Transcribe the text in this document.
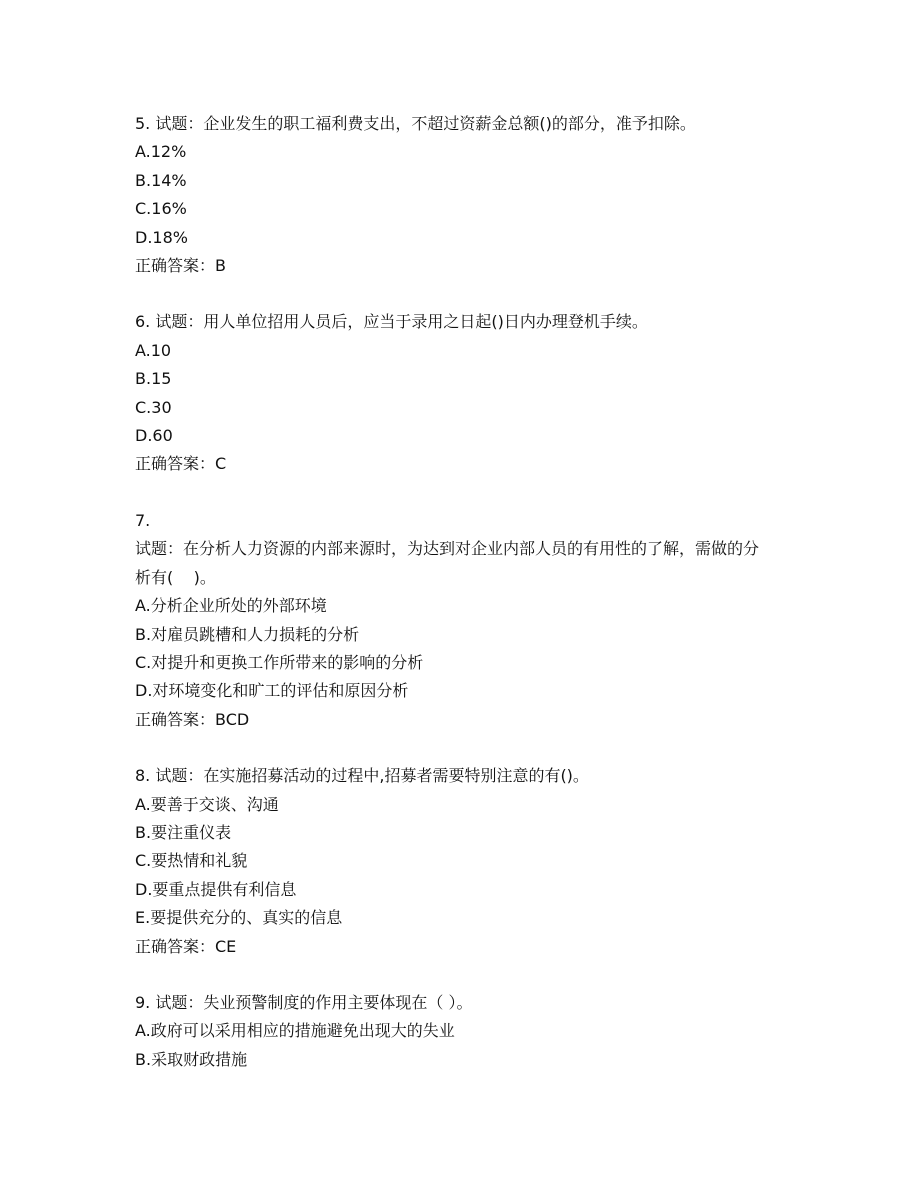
5. 试题：企业发生的职工福利费支出，不超过资薪金总额()的部分，准予扣除。
A.12%
B.14%
C.16%
D.18%
正确答案：B
6. 试题：用人单位招用人员后，应当于录用之日起()日内办理登机手续。
A.10
B.15
C.30
D.60
正确答案：C
7.
试题：在分析人力资源的内部来源时，为达到对企业内部人员的有用性的了解，需做的分
析有(    )。
A.分析企业所处的外部环境
B.对雇员跳槽和人力损耗的分析
C.对提升和更换工作所带来的影响的分析
D.对环境变化和旷工的评估和原因分析
正确答案：BCD
8. 试题：在实施招募活动的过程中,招募者需要特别注意的有()。
A.要善于交谈、沟通
B.要注重仪表
C.要热情和礼貌
D.要重点提供有利信息
E.要提供充分的、真实的信息
正确答案：CE
9. 试题：失业预警制度的作用主要体现在（ ）。
A.政府可以采用相应的措施避免出现大的失业
B.采取财政措施
